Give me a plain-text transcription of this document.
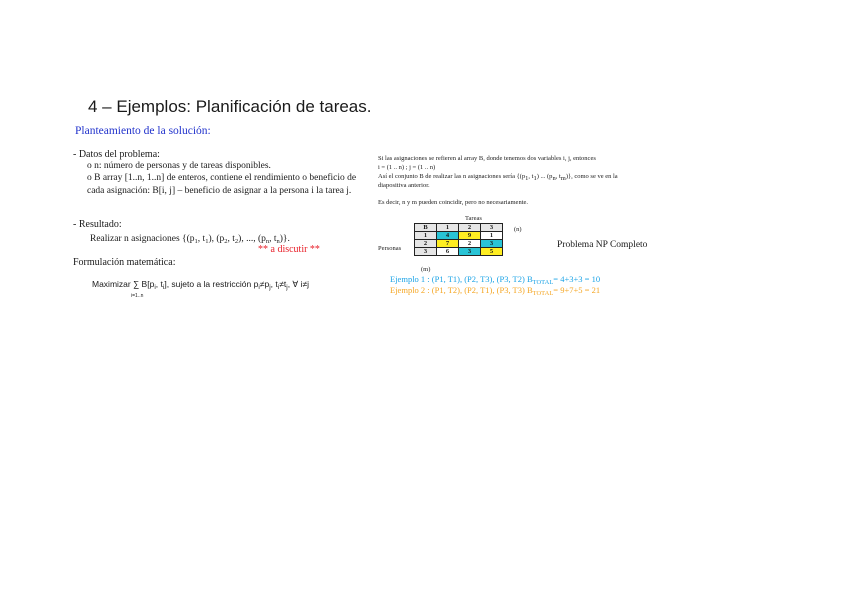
4 – Ejemplos: Planificación de tareas.
Planteamiento de la solución:
- Datos del problema:
o n: número de personas y de tareas disponibles.
o B array [1..n, 1..n] de enteros, contiene el rendimiento o beneficio de cada asignación: B[i, j] – beneficio de asignar a la persona i la tarea j.
- Resultado:
Realizar n asignaciones {($p_1$, $t_1$), ($p_2$, $t_2$), ..., ($p_n$, $t_n$)}.
** a discutir **
Formulación matemática:
Maximizar ∑ $B[p_i$, $t_i$], sujeto a la restricción $p_i\ne p_j$, $t_i\ne t_j$, ∀ i≠j
i=1..n
Si las asignaciones se refieren al array B, donde tenemos dos variables i, j, entonces
i = (1 .. n) ; j = (1 .. n)
Así el conjunto B de realizar las n asignaciones sería {($p_1$, $t_1$) ... ($p_n$, $t_m$)}, como se ve en la
diapositiva anterior.
Es decir, n y m pueden coincidir, pero no necesariamente.
Tareas
Personas
(n)
(m)
B	1	2	3
1	4	9	1
2	7	2	3
3	6	3	5
Problema NP Completo
Ejemplo 1 : (P1, T1), (P2, T3), (P3, T2) $B_{TOTAL}= 4+3+3 = 10$
Ejemplo 2 : (P1, T2), (P2, T1), (P3, T3) $B_{TOTAL}= 9+7+5 = 21$
